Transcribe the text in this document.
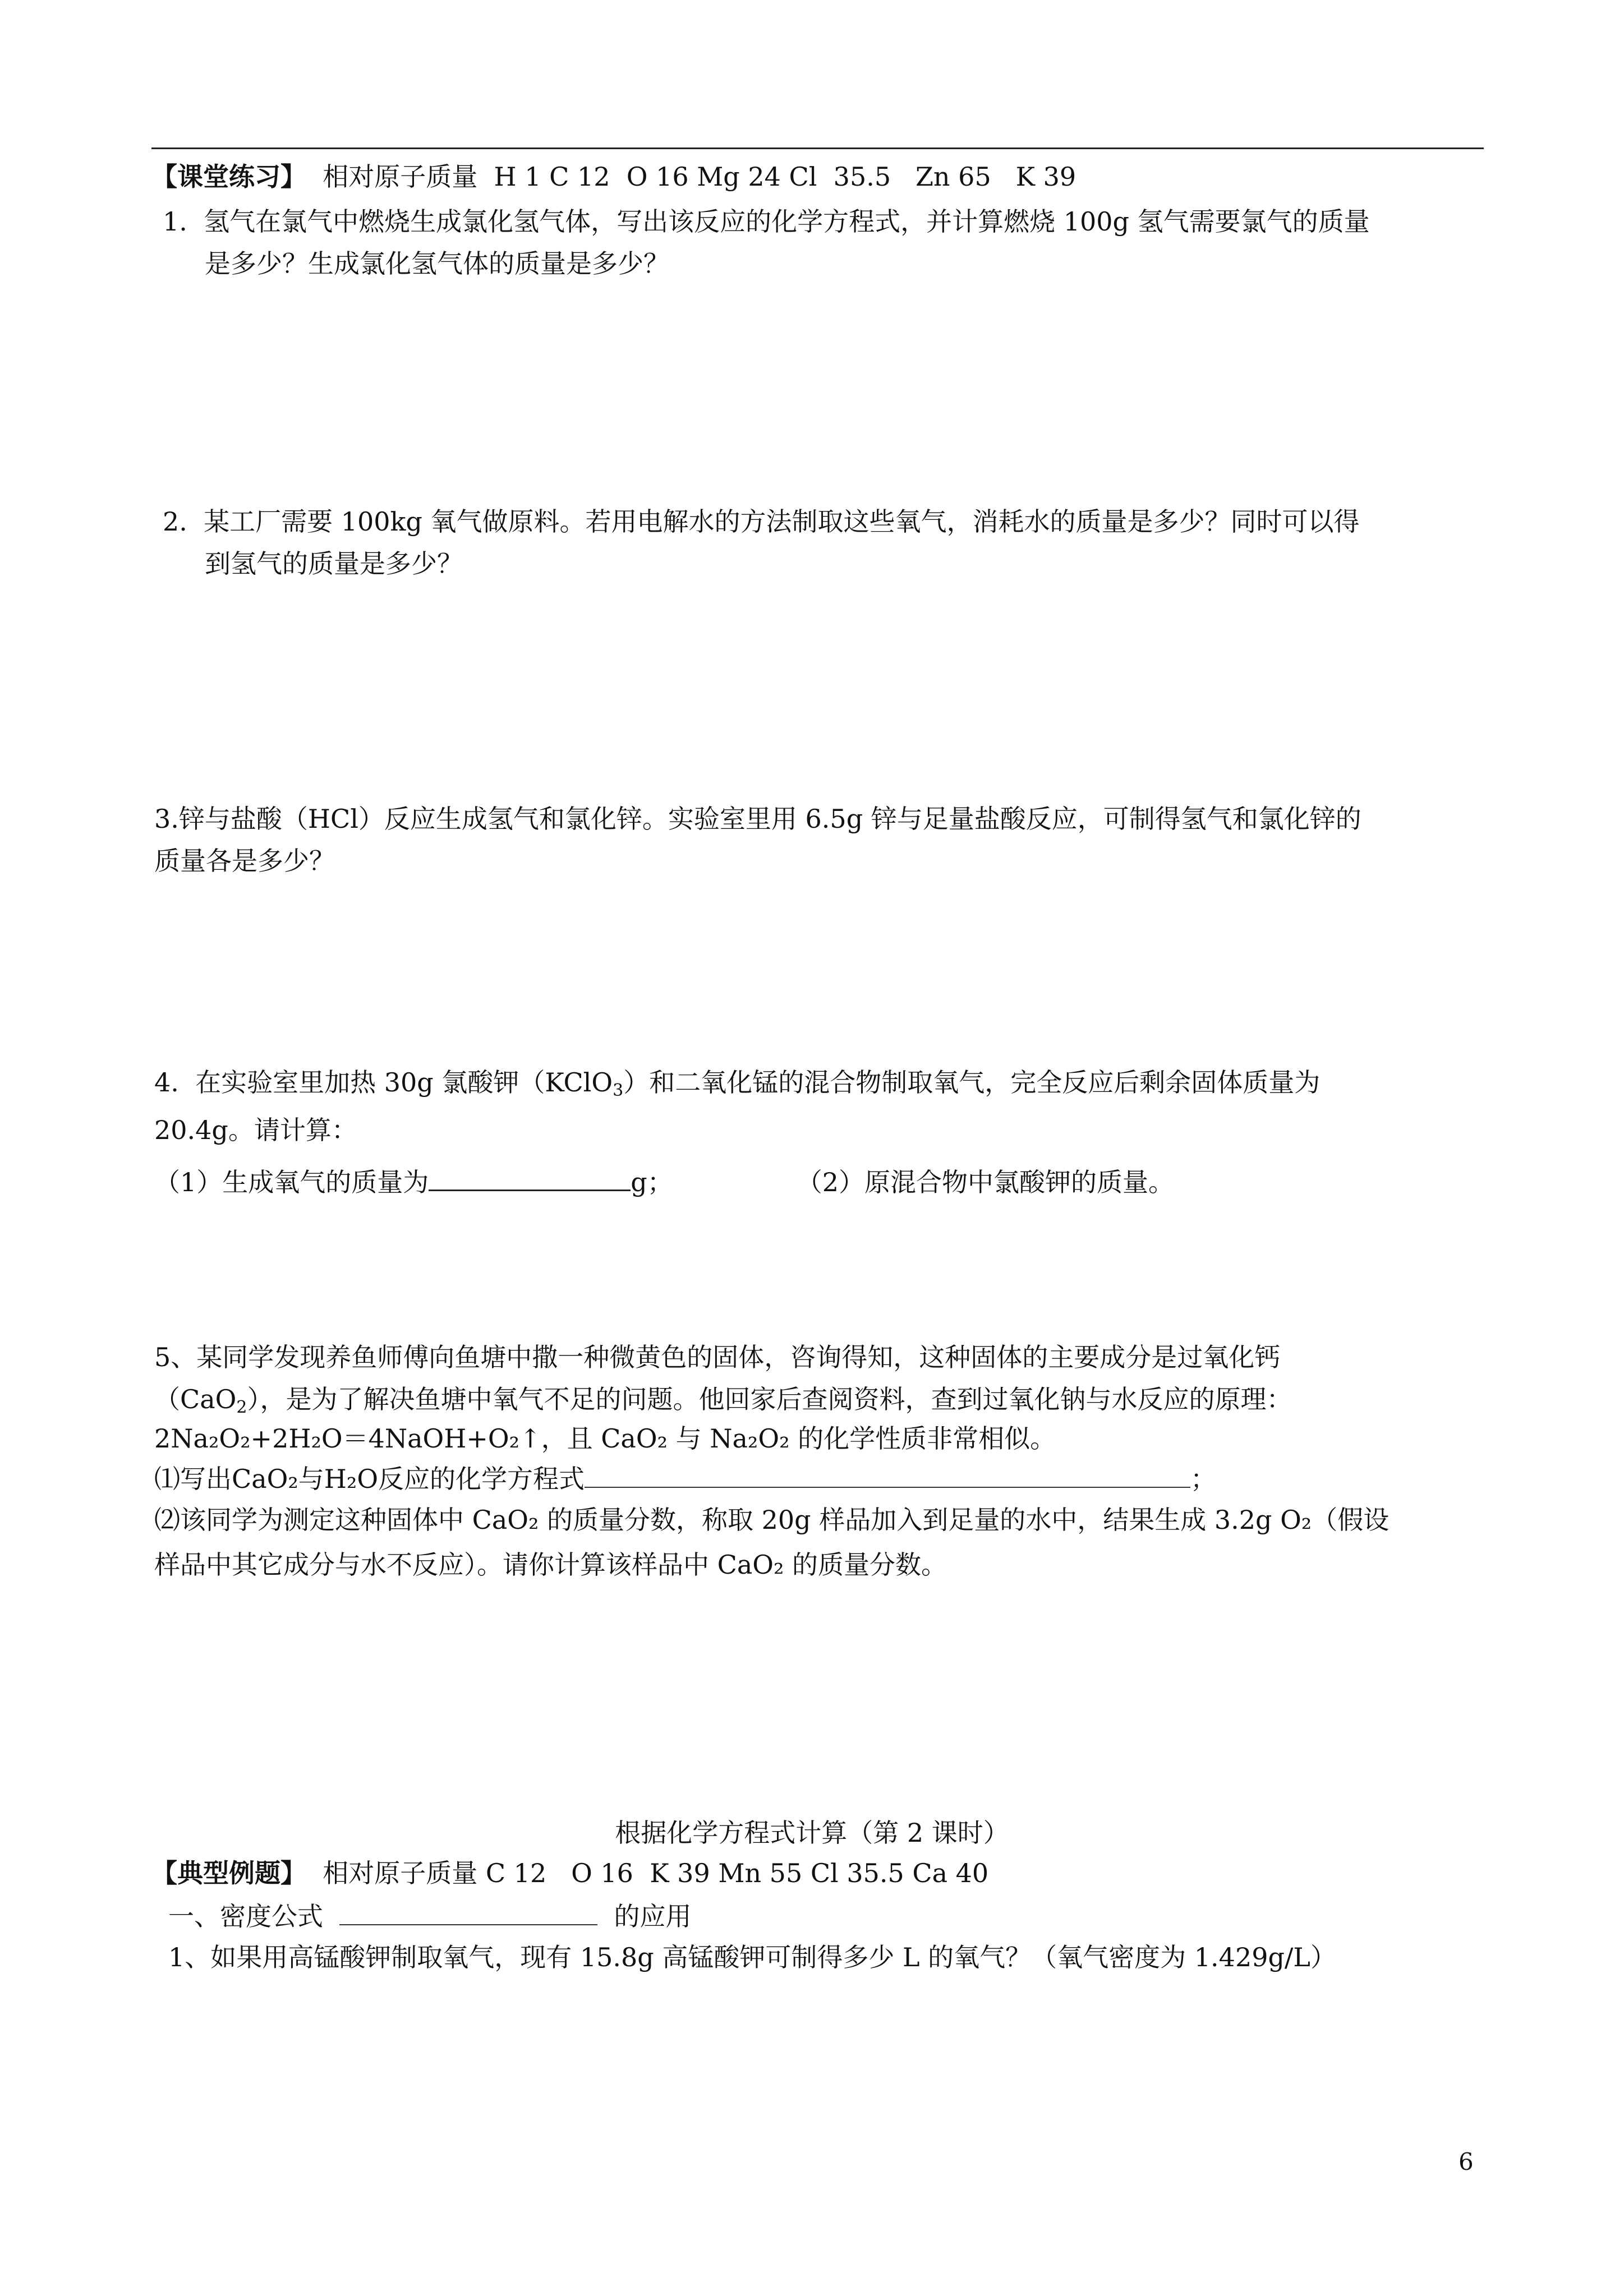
【课堂练习】 相对原子质量  H 1 C 12  O 16 Mg 24 Cl  35.5   Zn 65   K 39
1.  氢气在氯气中燃烧生成氯化氢气体，写出该反应的化学方程式，并计算燃烧 100g 氢气需要氯气的质量
是多少？生成氯化氢气体的质量是多少？
2.  某工厂需要 100kg 氧气做原料。若用电解水的方法制取这些氧气，消耗水的质量是多少？同时可以得
到氢气的质量是多少？
3.锌与盐酸（HCl）反应生成氢气和氯化锌。实验室里用 6.5g 锌与足量盐酸反应，可制得氢气和氯化锌的
质量各是多少？
4.  在实验室里加热 30g 氯酸钾（KClO$_3$）和二氧化锰的混合物制取氧气，完全反应后剩余固体质量为
20.4g。请计算：
（1）生成氧气的质量为	g；	（2）原混合物中氯酸钾的质量。
5、某同学发现养鱼师傅向鱼塘中撒一种微黄色的固体，咨询得知，这种固体的主要成分是过氧化钙
（CaO$_2$），是为了解决鱼塘中氧气不足的问题。他回家后查阅资料，查到过氧化钠与水反应的原理：
2Na₂O₂+2H₂O＝4NaOH+O₂↑，且 CaO₂ 与 Na₂O₂ 的化学性质非常相似。
⑴写出CaO₂与H₂O反应的化学方程式	；
⑵该同学为测定这种固体中 CaO₂ 的质量分数，称取 20g 样品加入到足量的水中，结果生成 3.2g O₂（假设
样品中其它成分与水不反应）。请你计算该样品中 CaO₂ 的质量分数。
根据化学方程式计算（第 2 课时）
【典型例题】  相对原子质量 C 12   O 16  K 39 Mn 55 Cl 35.5 Ca 40
一、密度公式	的应用
1、如果用高锰酸钾制取氧气，现有 15.8g 高锰酸钾可制得多少 L 的氧气？（氧气密度为 1.429g/L）
6
